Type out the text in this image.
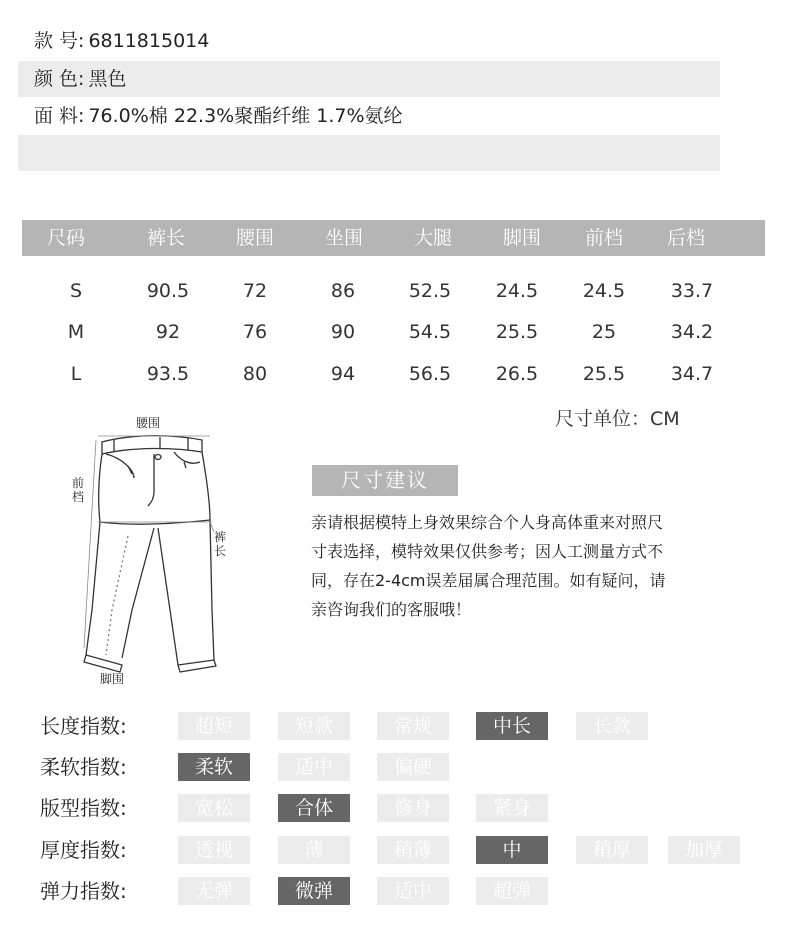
款 号: 6811815014
颜 色: 黑色
面 料: 76.0%棉 22.3%聚酯纤维 1.7%氨纶
尺码	裤长	腰围	坐围	大腿	脚围	前档	后档
S	90.5	72	86	52.5	24.5	24.5	33.7
M	92	76	90	54.5	25.5	25	34.2
L	93.5	80	94	56.5	26.5	25.5	34.7
尺寸单位：CM
腰围
前档
裤长
脚围
尺寸建议
亲请根据模特上身效果综合个人身高体重来对照尺
寸表选择，模特效果仅供参考；因人工测量方式不
同，存在2-4cm误差届属合理范围。如有疑问，请
亲咨询我们的客服哦！
长度指数:	超短	短款	常规	中长	长款
柔软指数:	柔软	适中	偏硬
版型指数:	宽松	合体	修身	紧身
厚度指数:	透视	薄	稍薄	中	稍厚	加厚
弹力指数:	无弹	微弹	适中	超弹
